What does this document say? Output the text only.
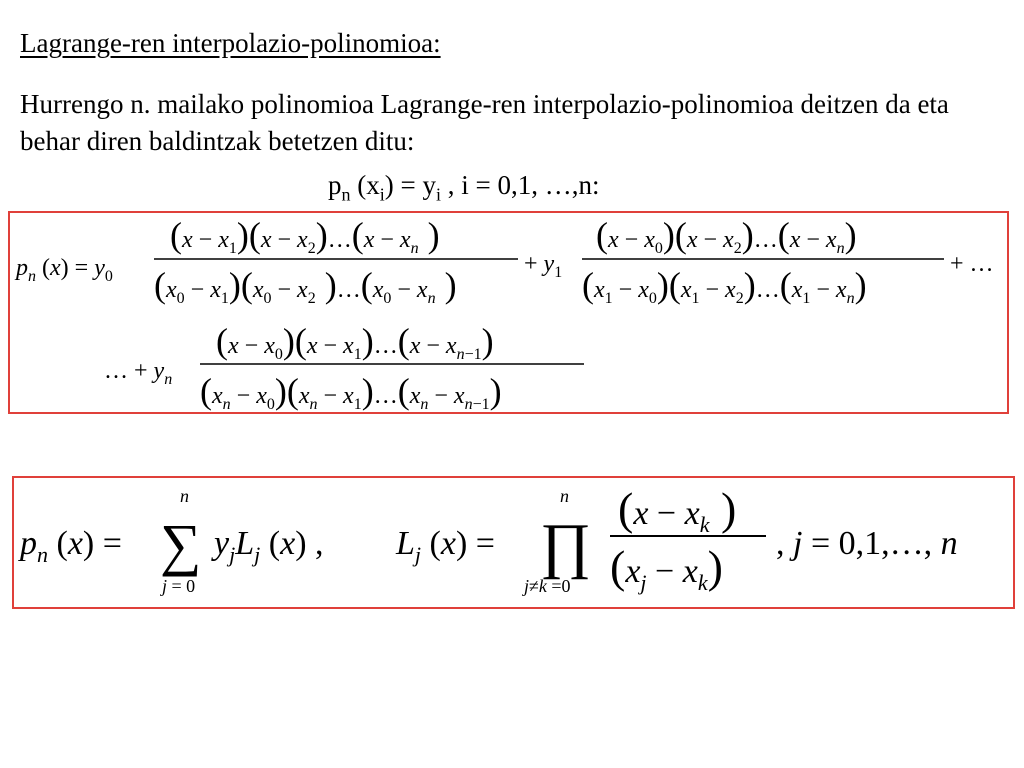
Lagrange-ren interpolazio-polinomioa:
Hurrengo n. mailako polinomioa Lagrange-ren interpolazio-polinomioa deitzen da eta behar diren baldintzak betetzen ditu:
$p_n$ $(x_i) = y_i$ , i = 0,1, …,n:
$p_n$ $(x) = y_0$
$(x - x_1)(x$ − $x_2)\dots(x - x_n$ )
$(x_0 - x_1)(x_0 - x_2$ )$\dots(x_0 - x_n$ )
+ $y_1$
$(x - x_0)(x$ − $x_2)\dots(x - x_n)$
$(x_1 - x_0)(x_1$ − $x_2)\dots(x_1 - x_n)$
+ …
… + $y_n$
$(x - x_0)(x$ − $x_1)\dots(x - x_n-1)$
$(x_n - x_0)(x_n$ − $x_1)\dots(x_n - x_n-1)$
$p_n$ (x) = ∑
n
j = 0
$y_jL_j$ (x) , $L_j$ (x) = ∏
n
j≠k =0
($x - x_k$ )
$(x_j - x_k)$ , j = 0,1,…, n
